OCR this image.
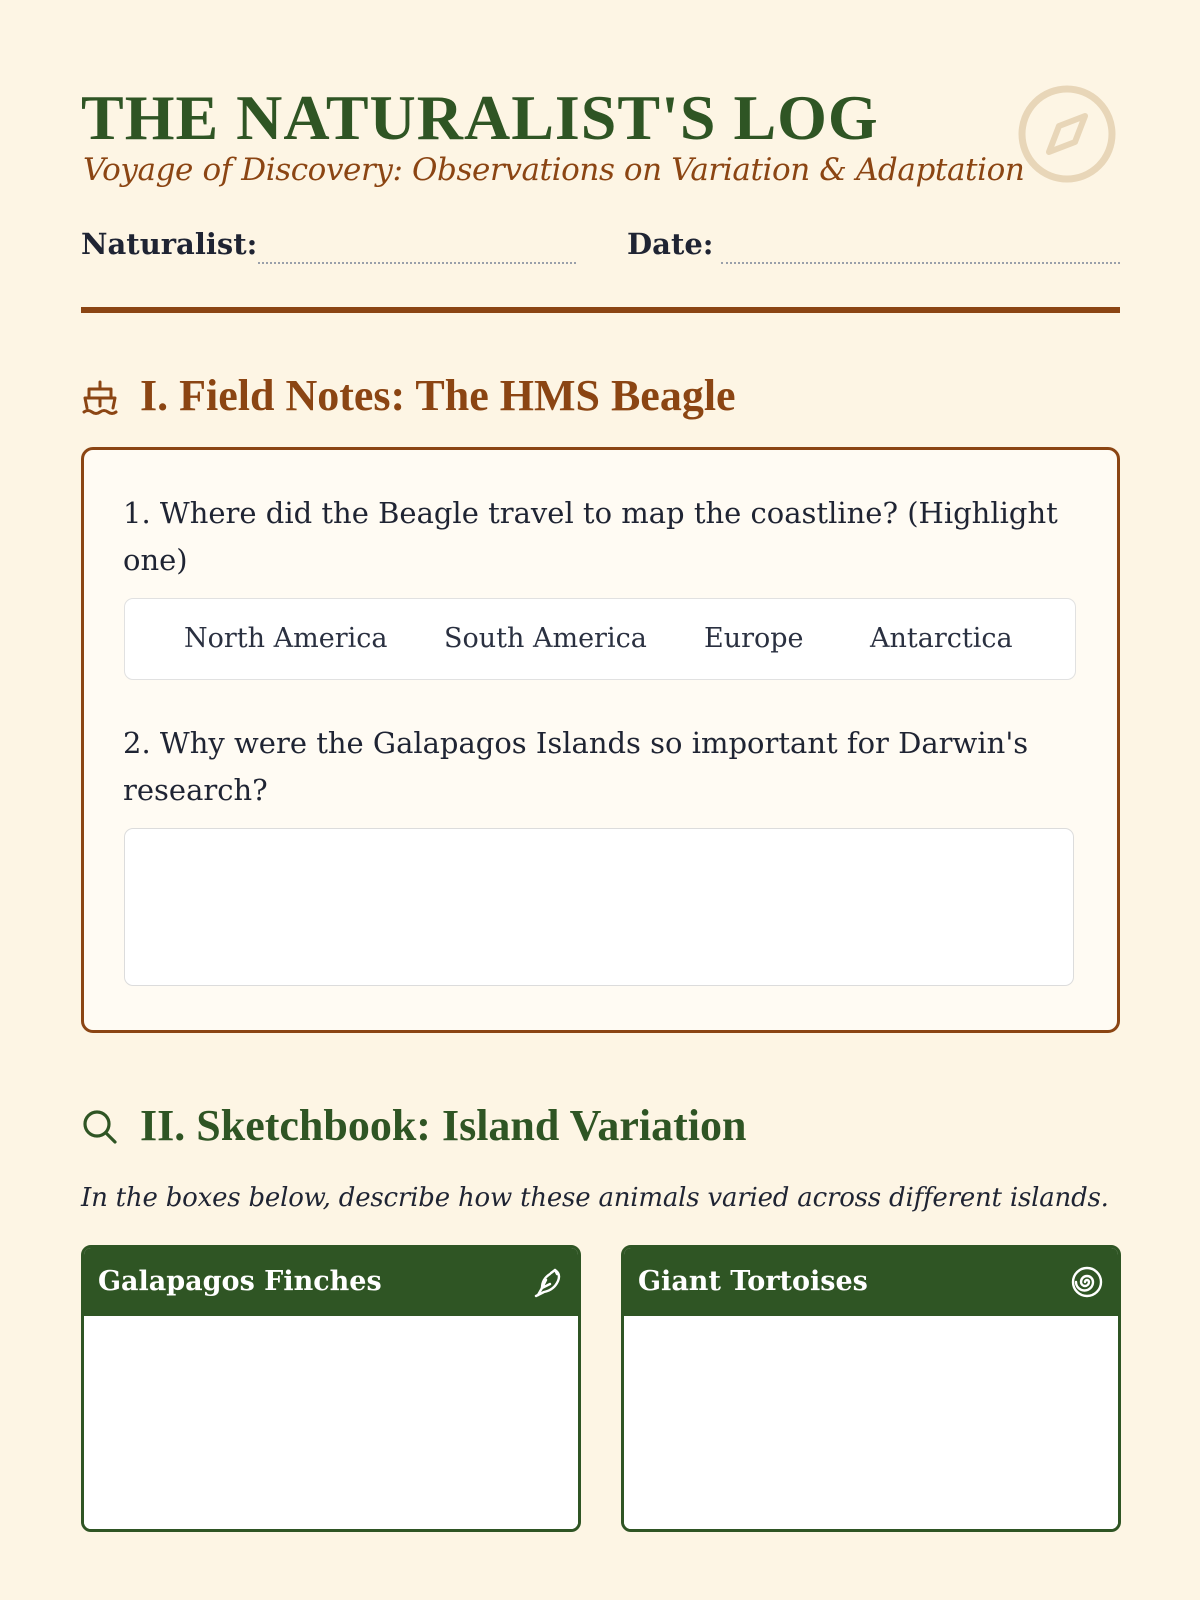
THE NATURALIST'S LOG
Voyage of Discovery: Observations on Variation & Adaptation
Naturalist:	Date:
I. Field Notes: The HMS Beagle
1. Where did the Beagle travel to map the coastline? (Highlight one)
North America South America Europe Antarctica
2. Why were the Galapagos Islands so important for Darwin's research?
II. Sketchbook: Island Variation
In the boxes below, describe how these animals varied across different islands.
Galapagos Finches	Giant Tortoises
